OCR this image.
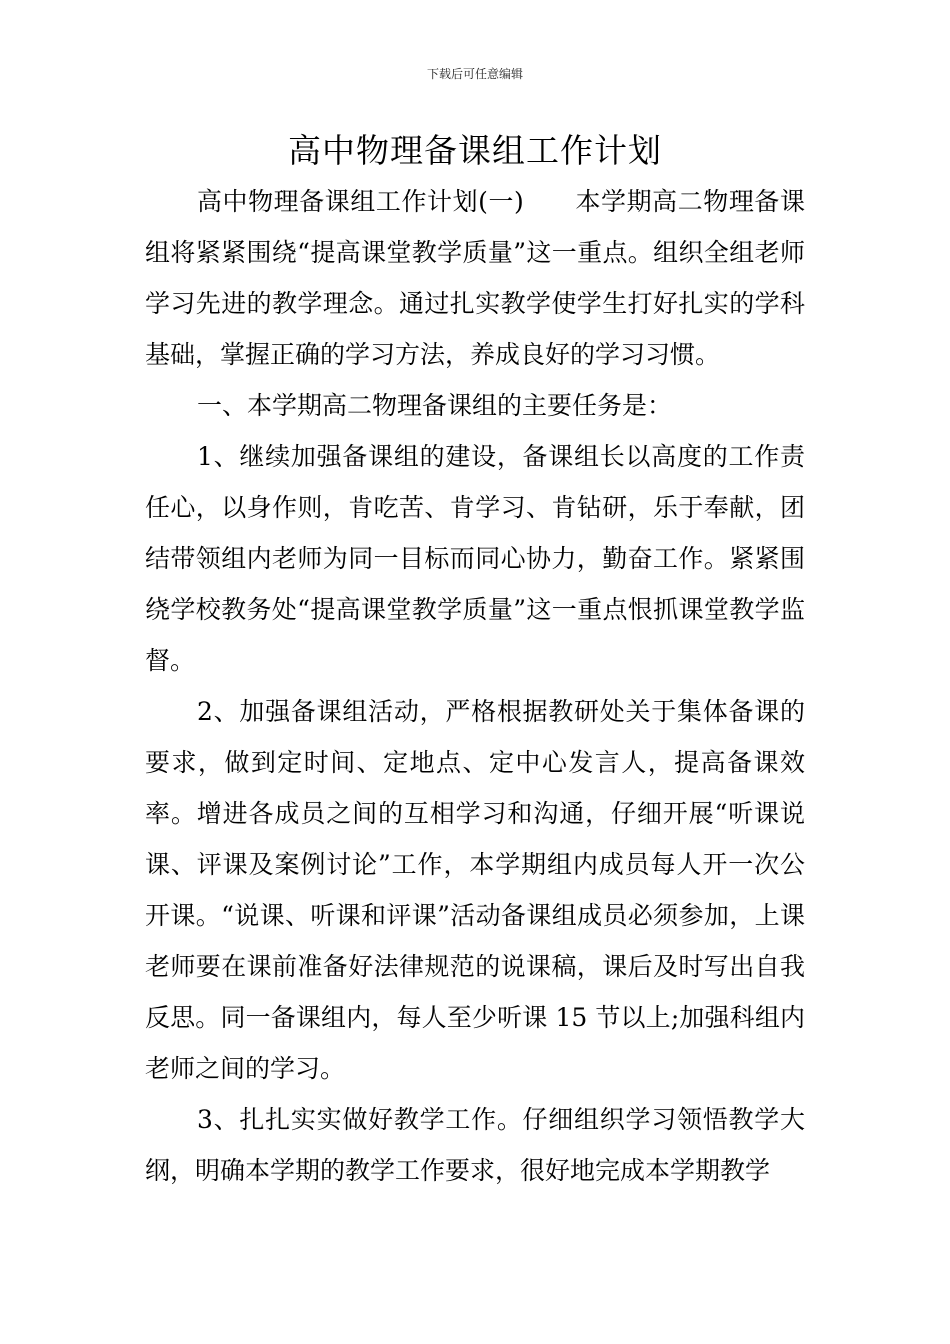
下载后可任意编辑
高中物理备课组工作计划

高中物理备课组工作计划(一)　　本学期高二物理备课组将紧紧围绕“提高课堂教学质量”这一重点。组织全组老师学习先进的教学理念。通过扎实教学使学生打好扎实的学科基础，掌握正确的学习方法，养成良好的学习习惯。

一、本学期高二物理备课组的主要任务是：

1、继续加强备课组的建设，备课组长以高度的工作责任心，以身作则，肯吃苦、肯学习、肯钻研，乐于奉献，团结带领组内老师为同一目标而同心协力，勤奋工作。紧紧围绕学校教务处“提高课堂教学质量”这一重点恨抓课堂教学监督。

2、加强备课组活动，严格根据教研处关于集体备课的要求，做到定时间、定地点、定中心发言人，提高备课效率。增进各成员之间的互相学习和沟通，仔细开展“听课说课、评课及案例讨论”工作，本学期组内成员每人开一次公开课。“说课、听课和评课”活动备课组成员必须参加，上课老师要在课前准备好法律规范的说课稿，课后及时写出自我反思。同一备课组内，每人至少听课 15 节以上;加强科组内老师之间的学习。

3、扎扎实实做好教学工作。仔细组织学习领悟教学大纲，明确本学期的教学工作要求，很好地完成本学期教学
